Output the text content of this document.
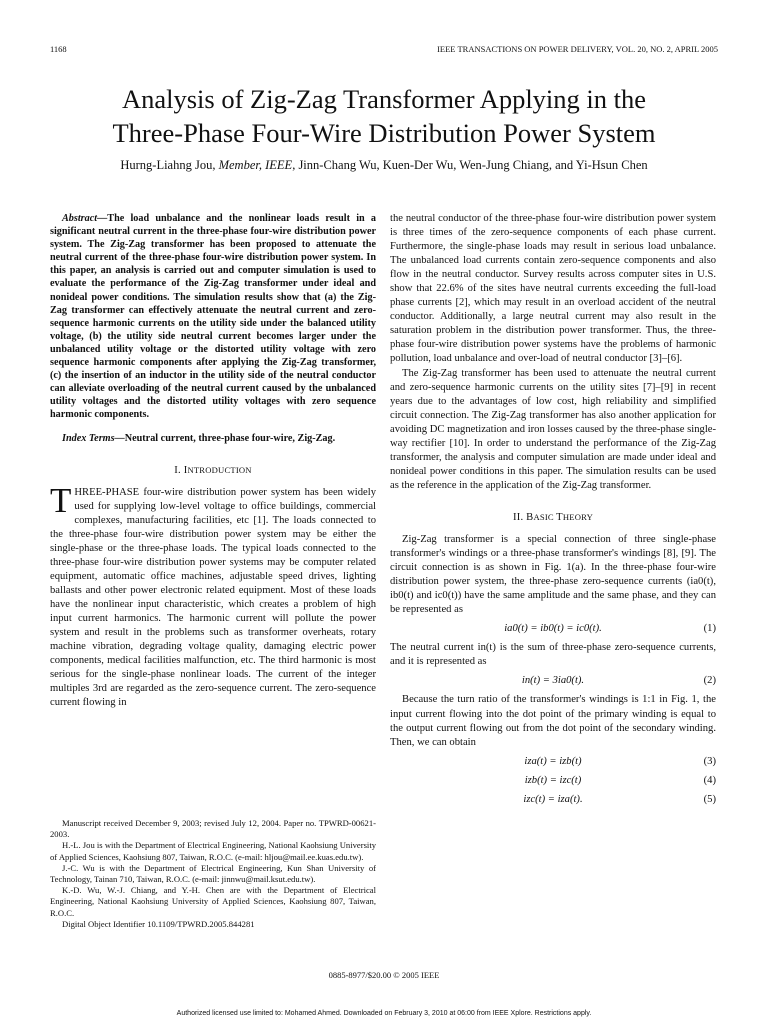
1168	IEEE TRANSACTIONS ON POWER DELIVERY, VOL. 20, NO. 2, APRIL 2005
Analysis of Zig-Zag Transformer Applying in the
Three-Phase Four-Wire Distribution Power System
Hurng-Liahng Jou, Member, IEEE, Jinn-Chang Wu, Kuen-Der Wu, Wen-Jung Chiang, and Yi-Hsun Chen

Abstract—The load unbalance and the nonlinear loads result in a significant neutral current in the three-phase four-wire distribution power system. The Zig-Zag transformer has been proposed to attenuate the neutral current of the three-phase four-wire distribution power system. In this paper, an analysis is carried out and computer simulation is used to evaluate the performance of the Zig-Zag transformer under ideal and nonideal power conditions. The simulation results show that (a) the Zig-Zag transformer can effectively attenuate the neutral current and zero-sequence harmonic currents on the utility side under the balanced utility voltage, (b) the utility side neutral current becomes larger under the unbalanced utility voltage or the distorted utility voltage with zero sequence harmonic components after applying the Zig-Zag transformer, (c) the insertion of an inductor in the utility side of the neutral conductor can alleviate overloading of the neutral current caused by the unbalanced utility voltages and the distorted utility voltages with zero sequence harmonic components.

Index Terms—Neutral current, three-phase four-wire, Zig-Zag.

I. INTRODUCTION

THREE-PHASE four-wire distribution power system has been widely used for supplying low-level voltage to office buildings, commercial complexes, manufacturing facilities, etc [1]. The loads connected to the three-phase four-wire distribution power system may be either the single-phase or the three-phase loads. The typical loads connected to the three-phase four-wire distribution power systems may be computer related equipment, automatic office machines, adjustable speed drives, lighting ballasts and other power electronic related equipment. Most of these loads have the nonlinear input characteristic, which creates a problem of high input current harmonics. The harmonic current will pollute the power system and result in the problems such as transformer overheats, rotary machine vibration, degrading voltage quality, damaging electric power components, medical facilities malfunction, etc. The third harmonic is most serious for the single-phase nonlinear loads. The current of the integer multiples 3rd are regarded as the zero-sequence current. The zero-sequence current flowing in

the neutral conductor of the three-phase four-wire distribution power system is three times of the zero-sequence components of each phase current. Furthermore, the single-phase loads may result in serious load unbalance. The unbalanced load currents contain zero-sequence components and also flow in the neutral conductor. Survey results across computer sites in U.S. show that 22.6% of the sites have neutral currents exceeding the full-load phase currents [2], which may result in an overload accident of the neutral conductor. Additionally, a large neutral current may also result in the saturation problem in the distribution power transformer. Thus, the three-phase four-wire distribution power systems have the problems of harmonic pollution, load unbalance and over-load of neutral conductor [3]–[6].

The Zig-Zag transformer has been used to attenuate the neutral current and zero-sequence harmonic currents on the utility sites [7]–[9] in recent years due to the advantages of low cost, high reliability and simplified circuit connection. The Zig-Zag transformer has also another application for avoiding DC magnetization and iron losses caused by the three-phase single-way rectifier [10]. In order to understand the performance of the Zig-Zag transformer, the analysis and computer simulation are made under ideal and nonideal power conditions in this paper. The simulation results can be used as the reference in the application of the Zig-Zag transformer.

II. BASIC THEORY

Zig-Zag transformer is a special connection of three single-phase transformer's windings or a three-phase transformer's windings [8], [9]. The circuit connection is as shown in Fig. 1(a). In the three-phase four-wire distribution power system, the three-phase zero-sequence currents (ia0(t), ib0(t) and ic0(t)) have the same amplitude and the same phase, and they can be represented as

ia0(t) = ib0(t) = ic0(t).	(1)

The neutral current in(t) is the sum of three-phase zero-sequence currents, and it is represented as

in(t) = 3ia0(t).	(2)

Because the turn ratio of the transformer's windings is 1:1 in Fig. 1, the input current flowing into the dot point of the primary winding is equal to the output current flowing out from the dot point of the secondary winding. Then, we can obtain

iza(t) = izb(t)	(3)
izb(t) = izc(t)	(4)
izc(t) = iza(t).	(5)

Manuscript received December 9, 2003; revised July 12, 2004. Paper no. TPWRD-00621-2003.

H.-L. Jou is with the Department of Electrical Engineering, National Kaohsiung University of Applied Sciences, Kaohsiung 807, Taiwan, R.O.C. (e-mail: hljou@mail.ee.kuas.edu.tw).

J.-C. Wu is with the Department of Electrical Engineering, Kun Shan University of Technology, Tainan 710, Taiwan, R.O.C. (e-mail: jinnwu@mail.ksut.edu.tw).

K.-D. Wu, W.-J. Chiang, and Y.-H. Chen are with the Department of Electrical Engineering, National Kaohsiung University of Applied Sciences, Kaohsiung 807, Taiwan, R.O.C.

Digital Object Identifier 10.1109/TPWRD.2005.844281

0885-8977/$20.00 © 2005 IEEE
Authorized licensed use limited to: Mohamed Ahmed. Downloaded on February 3, 2010 at 06:00 from IEEE Xplore. Restrictions apply.
